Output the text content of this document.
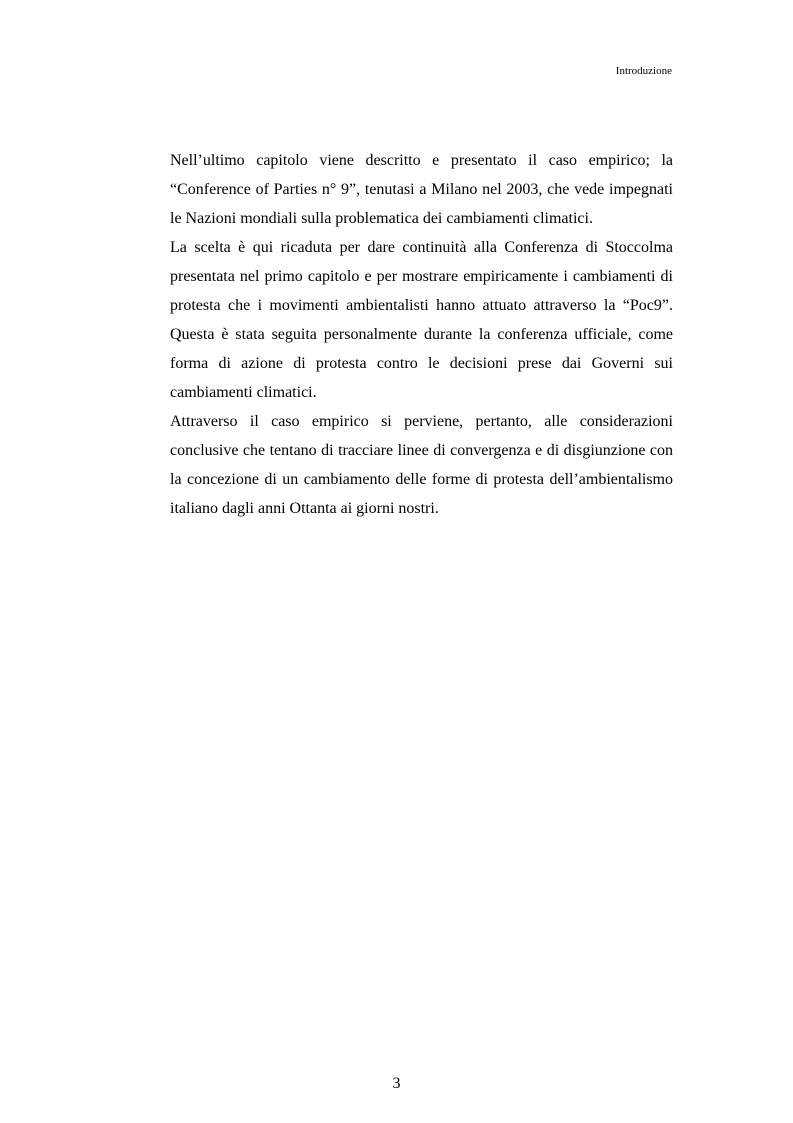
Introduzione

Nell’ultimo capitolo viene descritto e presentato il caso empirico; la “Conference of Parties n° 9”, tenutasi a Milano nel 2003, che vede impegnati le Nazioni mondiali sulla problematica dei cambiamenti climatici.

La scelta è qui ricaduta per dare continuità alla Conferenza di Stoccolma presentata nel primo capitolo e per mostrare empiricamente i cambiamenti di protesta che i movimenti ambientalisti hanno attuato attraverso la “Poc9”. Questa è stata seguita personalmente durante la conferenza ufficiale, come forma di azione di protesta contro le decisioni prese dai Governi sui cambiamenti climatici.

Attraverso il caso empirico si perviene, pertanto, alle considerazioni conclusive che tentano di tracciare linee di convergenza e di disgiunzione con la concezione di un cambiamento delle forme di protesta dell’ambientalismo italiano dagli anni Ottanta ai giorni nostri.

3
